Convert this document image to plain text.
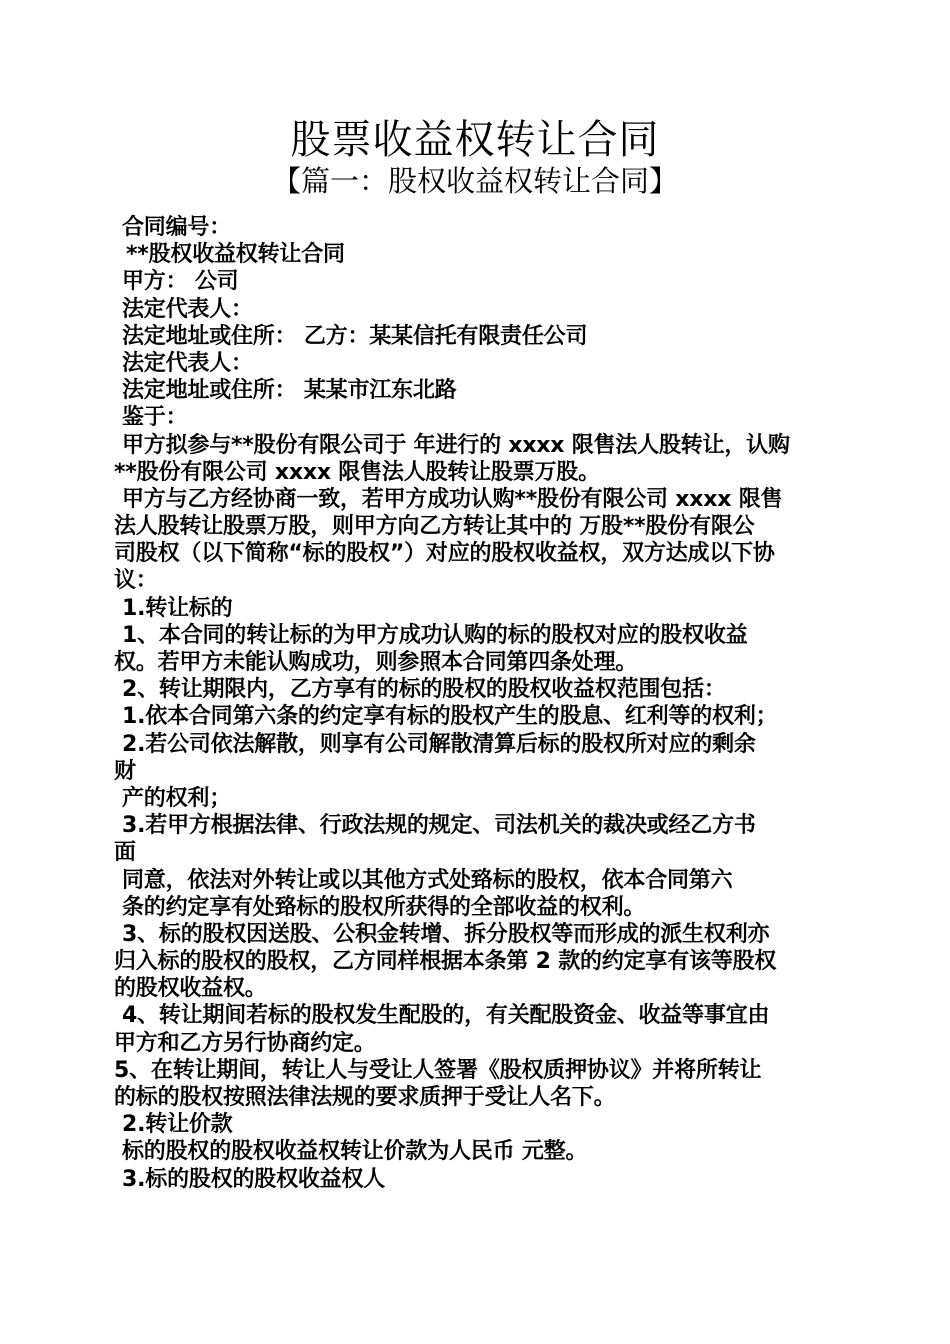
股票收益权转让合同
【篇一：股权收益权转让合同】
合同编号：
**股权收益权转让合同
甲方： 公司
法定代表人：
法定地址或住所： 乙方：某某信托有限责任公司
法定代表人：
法定地址或住所： 某某市江东北路
鉴于：
甲方拟参与**股份有限公司于 年进行的 xxxx 限售法人股转让，认购
**股份有限公司 xxxx 限售法人股转让股票万股。
甲方与乙方经协商一致，若甲方成功认购**股份有限公司 xxxx 限售
法人股转让股票万股，则甲方向乙方转让其中的 万股**股份有限公
司股权（以下简称“标的股权”）对应的股权收益权，双方达成以下协
议：
1.转让标的
1、本合同的转让标的为甲方成功认购的标的股权对应的股权收益
权。若甲方未能认购成功，则参照本合同第四条处理。
2、转让期限内，乙方享有的标的股权的股权收益权范围包括：
1.依本合同第六条的约定享有标的股权产生的股息、红利等的权利；
2.若公司依法解散，则享有公司解散清算后标的股权所对应的剩余
财
产的权利；
3.若甲方根据法律、行政法规的规定、司法机关的裁决或经乙方书
面
同意，依法对外转让或以其他方式处臵标的股权，依本合同第六
条的约定享有处臵标的股权所获得的全部收益的权利。
3、标的股权因送股、公积金转增、拆分股权等而形成的派生权利亦
归入标的股权的股权，乙方同样根据本条第 2 款的约定享有该等股权
的股权收益权。
4、转让期间若标的股权发生配股的，有关配股资金、收益等事宜由
甲方和乙方另行协商约定。
5、在转让期间，转让人与受让人签署《股权质押协议》并将所转让
的标的股权按照法律法规的要求质押于受让人名下。
2.转让价款
标的股权的股权收益权转让价款为人民币 元整。
3.标的股权的股权收益权人
